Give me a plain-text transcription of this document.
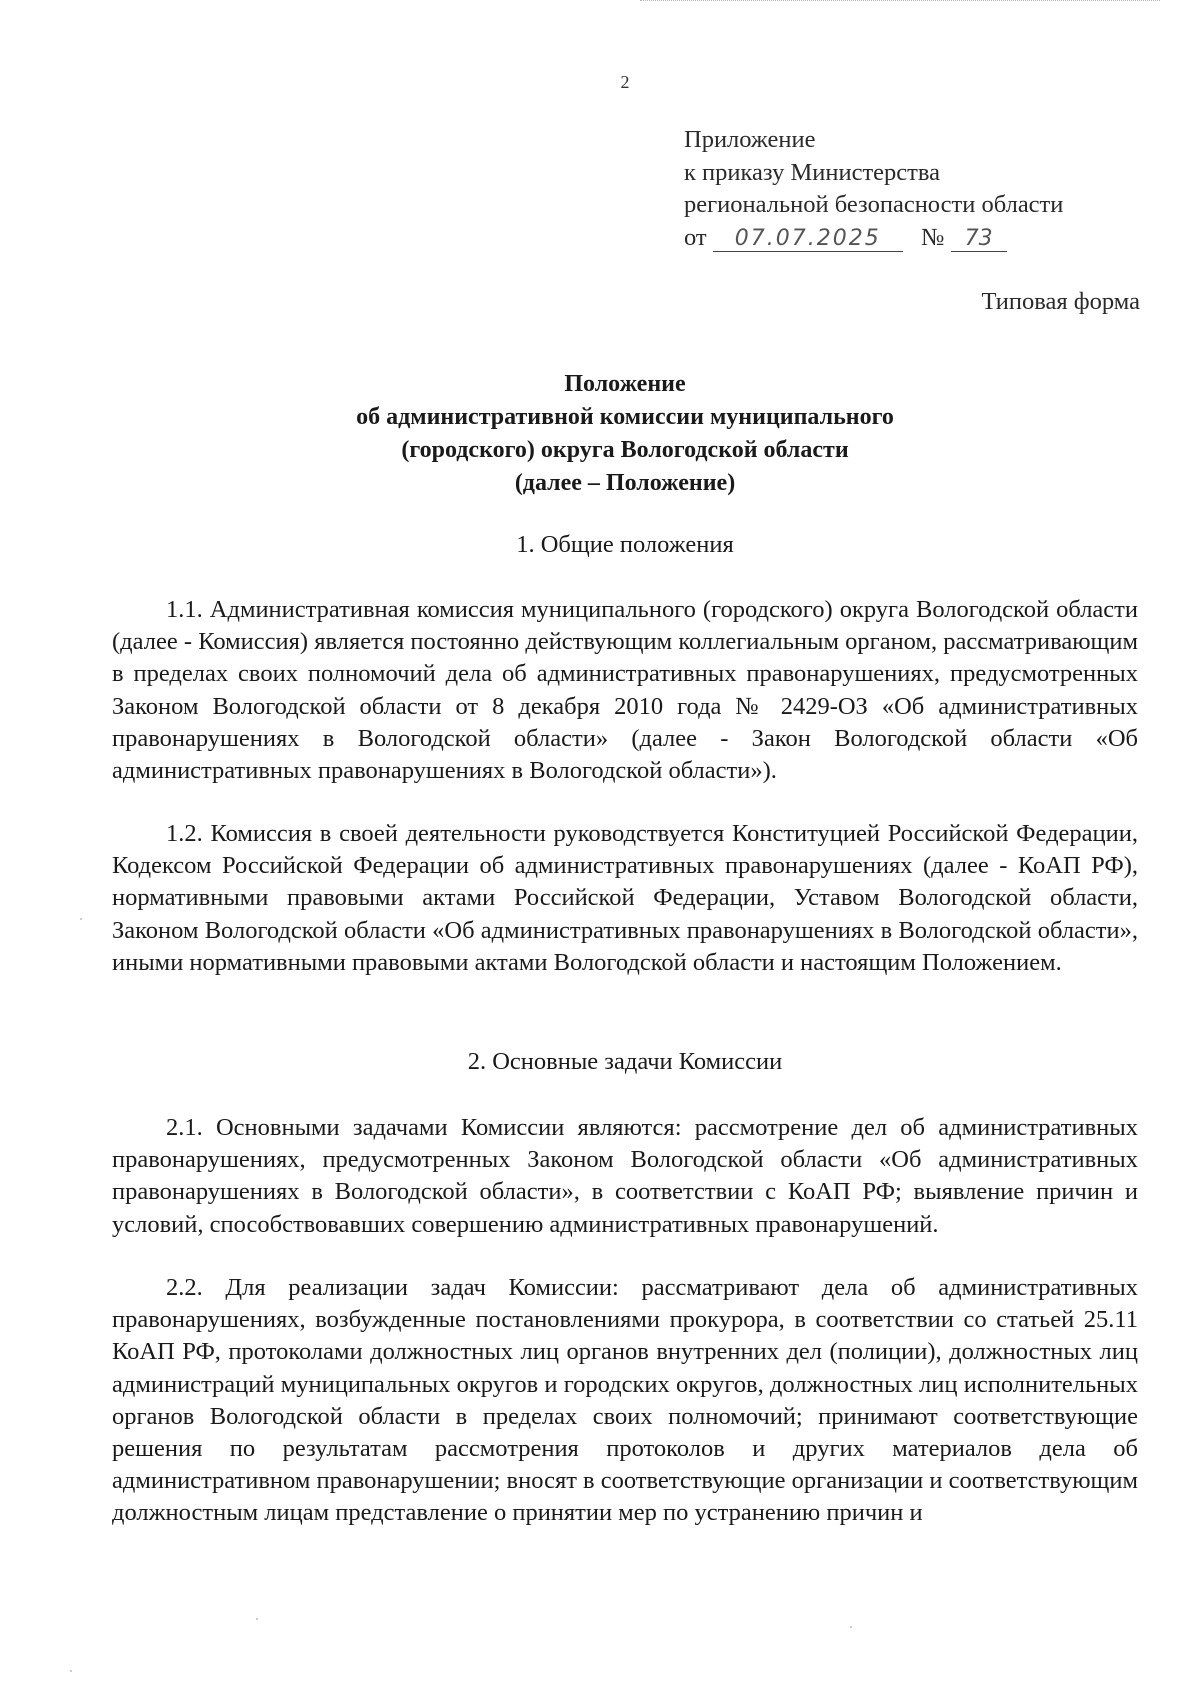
2
Приложение
к приказу Министерства
региональной безопасности области
от 07.07.2025 № 73
Типовая форма
Положение
об административной комиссии муниципального
(городского) округа Вологодской области
(далее – Положение)
1. Общие положения
1.1. Административная комиссия муниципального (городского) округа Вологодской области (далее - Комиссия) является постоянно действующим коллегиальным органом, рассматривающим в пределах своих полномочий дела об административных правонарушениях, предусмотренных Законом Вологодской области от 8 декабря 2010 года № 2429-ОЗ «Об административных правонарушениях в Вологодской области» (далее - Закон Вологодской области «Об административных правонарушениях в Вологодской области»).
1.2. Комиссия в своей деятельности руководствуется Конституцией Российской Федерации, Кодексом Российской Федерации об административных правонарушениях (далее - КоАП РФ), нормативными правовыми актами Российской Федерации, Уставом Вологодской области, Законом Вологодской области «Об административных правонарушениях в Вологодской области», иными нормативными правовыми актами Вологодской области и настоящим Положением.
2. Основные задачи Комиссии
2.1. Основными задачами Комиссии являются: рассмотрение дел об административных правонарушениях, предусмотренных Законом Вологодской области «Об административных правонарушениях в Вологодской области», в соответствии с КоАП РФ; выявление причин и условий, способствовавших совершению административных правонарушений.
2.2. Для реализации задач Комиссии: рассматривают дела об административных правонарушениях, возбужденные постановлениями прокурора, в соответствии со статьей 25.11 КоАП РФ, протоколами должностных лиц органов внутренних дел (полиции), должностных лиц администраций муниципальных округов и городских округов, должностных лиц исполнительных органов Вологодской области в пределах своих полномочий; принимают соответствующие решения по результатам рассмотрения протоколов и других материалов дела об административном правонарушении; вносят в соответствующие организации и соответствующим должностным лицам представление о принятии мер по устранению причин и
